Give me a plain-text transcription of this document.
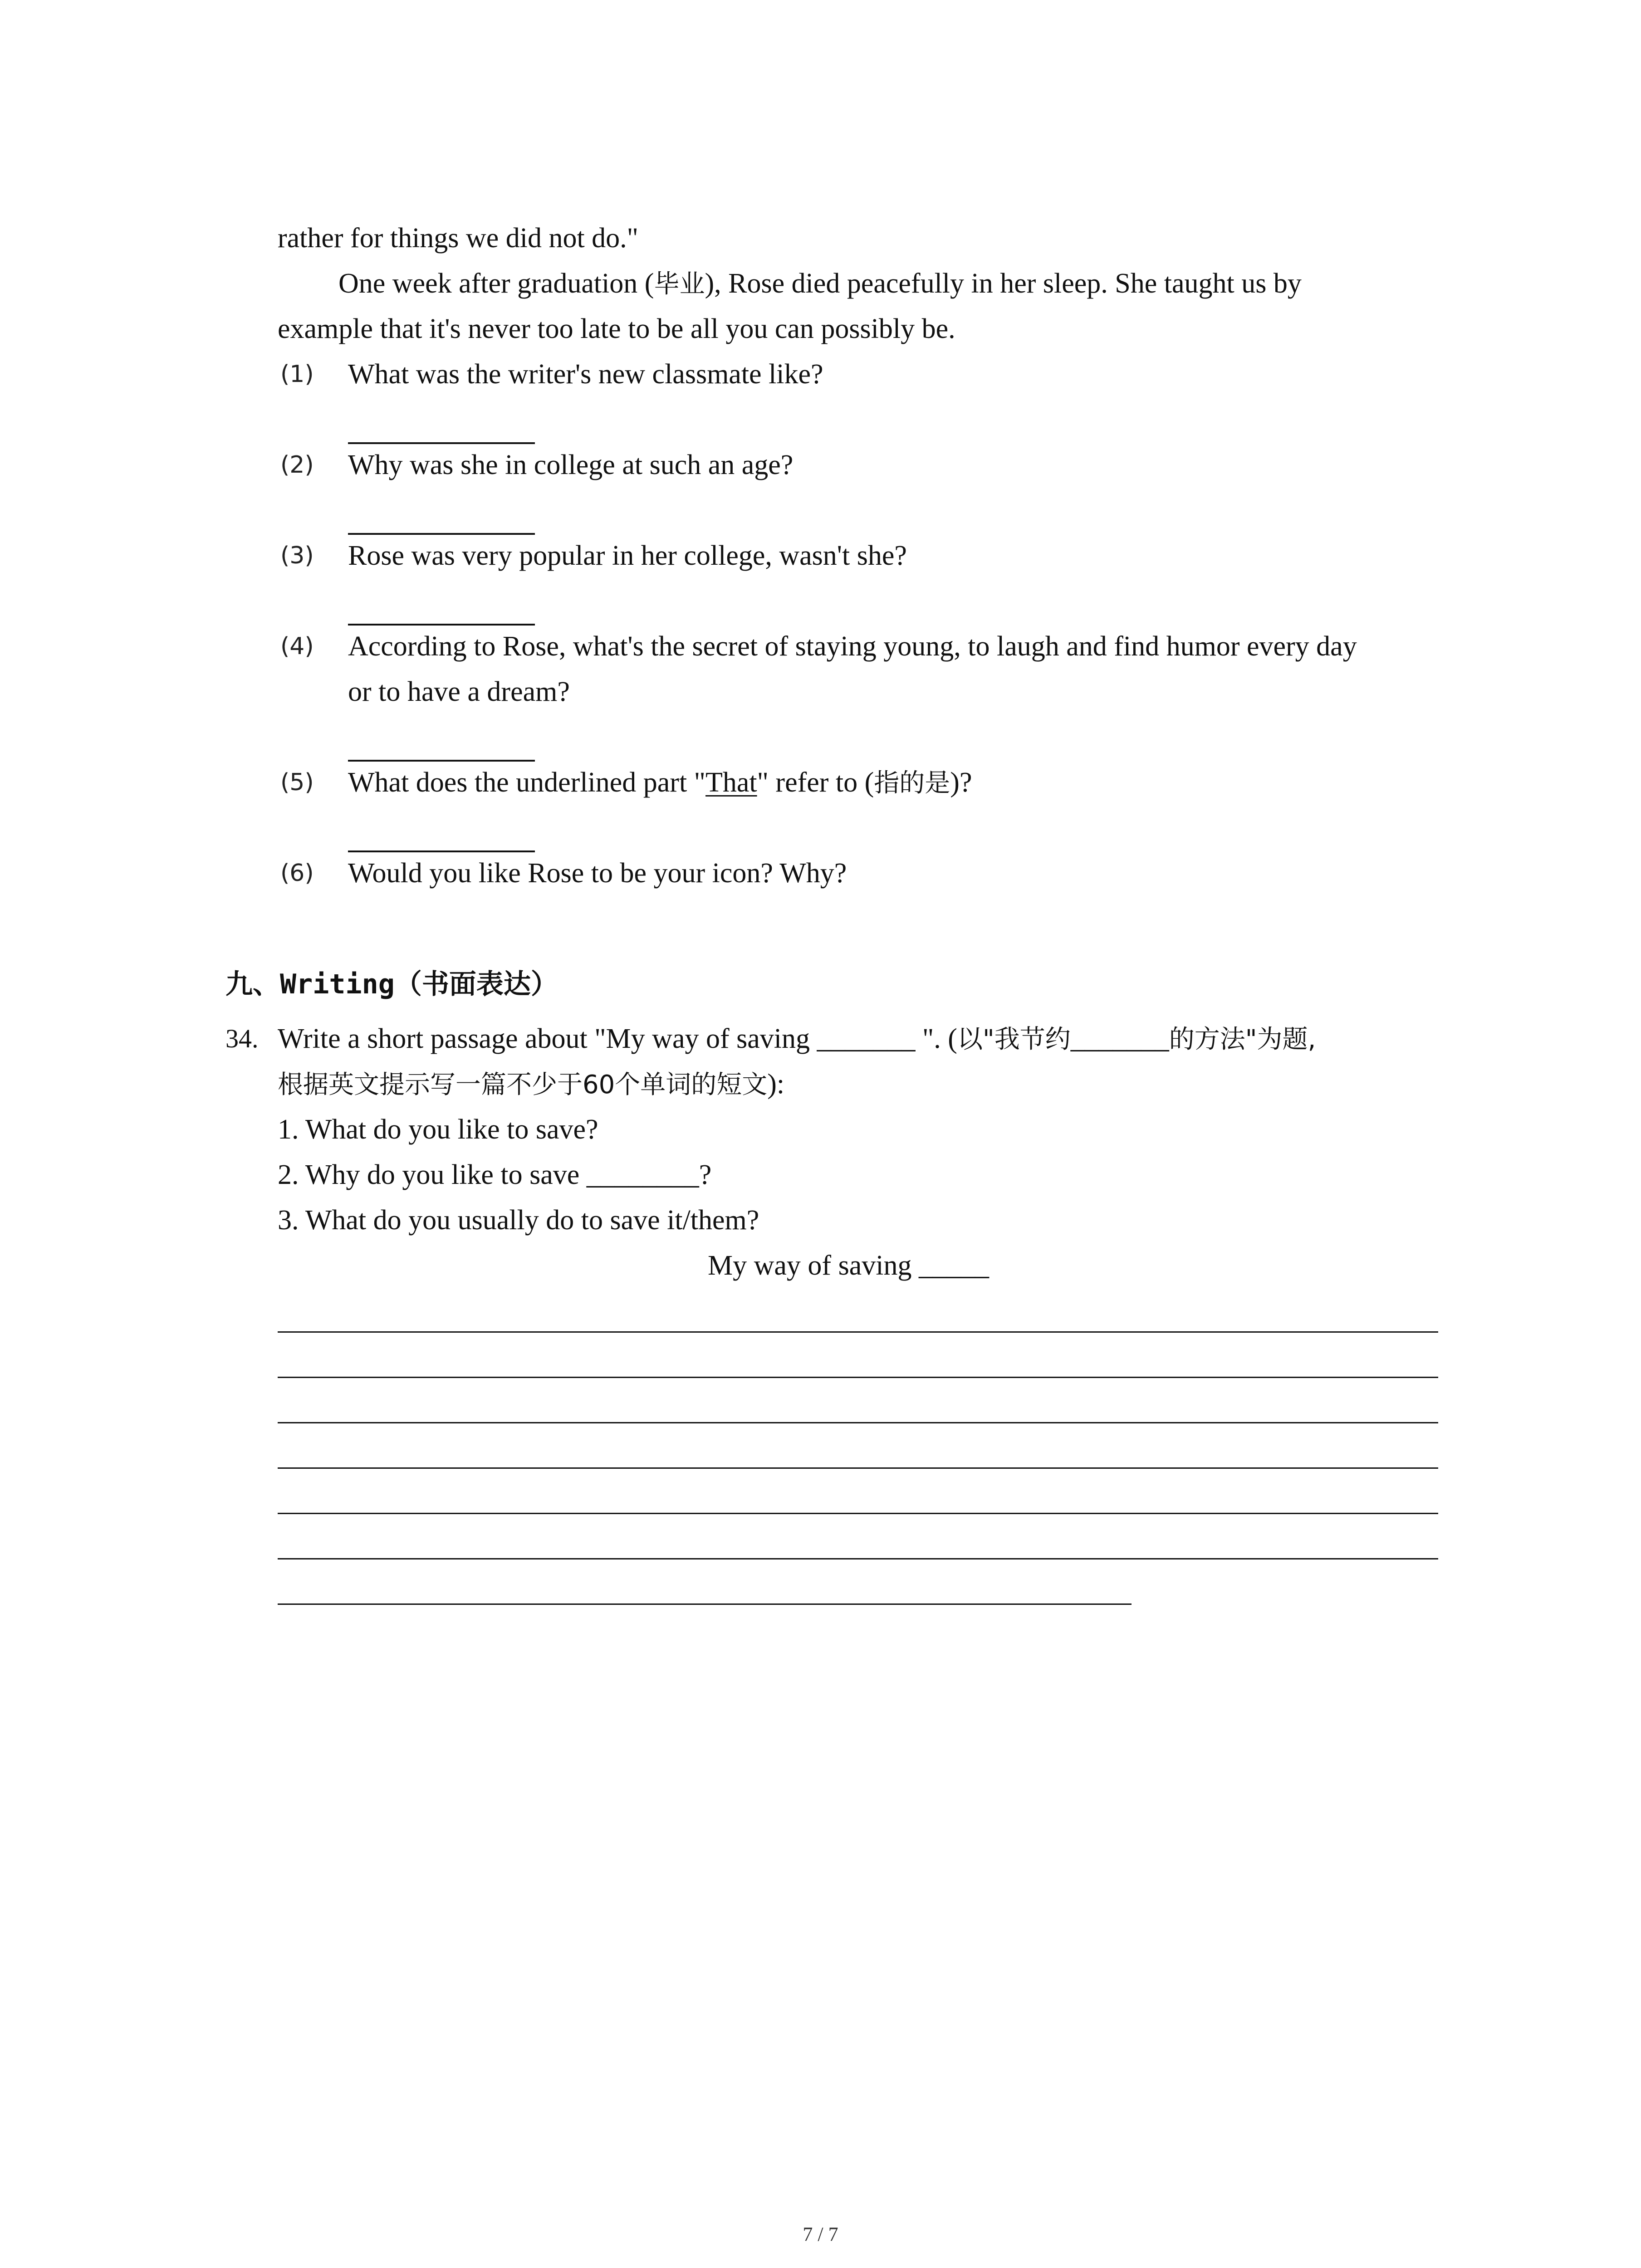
rather for things we did not do."
One week after graduation (毕业), Rose died peacefully in her sleep. She taught us by
example that it's never too late to be all you can possibly be.
(1) What was the writer's new classmate like?
(2) Why was she in college at such an age?
(3) Rose was very popular in her college, wasn't she?
(4) According to Rose, what's the secret of staying young, to laugh and find humor every day
or to have a dream?
(5) What does the underlined part "That" refer to (指的是)?
(6) Would you like Rose to be your icon? Why?
九、Writing（书面表达）
34. Write a short passage about "My way of saving _______ ". (以"我节约_______的方法"为题,
根据英文提示写一篇不少于60个单词的短文):
1. What do you like to save?
2. Why do you like to save ________?
3. What do you usually do to save it/them?
My way of saving _____
7 / 7
